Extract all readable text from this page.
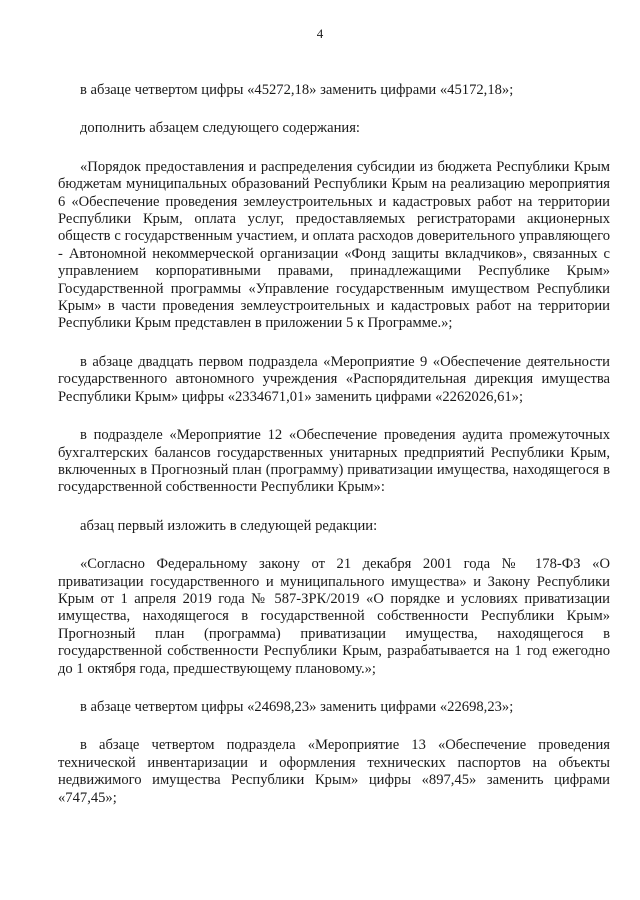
4

в абзаце четвертом цифры «45272,18» заменить цифрами «45172,18»;

дополнить абзацем следующего содержания:

«Порядок предоставления и распределения субсидии из бюджета Республики Крым бюджетам муниципальных образований Республики Крым на реализацию мероприятия 6 «Обеспечение проведения землеустроительных и кадастровых работ на территории Республики Крым, оплата услуг, предоставляемых регистраторами акционерных обществ с государственным участием, и оплата расходов доверительного управляющего - Автономной некоммерческой организации «Фонд защиты вкладчиков», связанных с управлением корпоративными правами, принадлежащими Республике Крым» Государственной программы «Управление государственным имуществом Республики Крым» в части проведения землеустроительных и кадастровых работ на территории Республики Крым представлен в приложении 5 к Программе.»;

в абзаце двадцать первом подраздела «Мероприятие 9 «Обеспечение деятельности государственного автономного учреждения «Распорядительная дирекция имущества Республики Крым» цифры «2334671,01» заменить цифрами «2262026,61»;

в подразделе «Мероприятие 12 «Обеспечение проведения аудита промежуточных бухгалтерских балансов государственных унитарных предприятий Республики Крым, включенных в Прогнозный план (программу) приватизации имущества, находящегося в государственной собственности Республики Крым»:

абзац первый изложить в следующей редакции:

«Согласно Федеральному закону от 21 декабря 2001 года № 178-ФЗ «О приватизации государственного и муниципального имущества» и Закону Республики Крым от 1 апреля 2019 года № 587-ЗРК/2019 «О порядке и условиях приватизации имущества, находящегося в государственной собственности Республики Крым» Прогнозный план (программа) приватизации имущества, находящегося в государственной собственности Республики Крым, разрабатывается на 1 год ежегодно до 1 октября года, предшествующему плановому.»;

в абзаце четвертом цифры «24698,23» заменить цифрами «22698,23»;

в абзаце четвертом подраздела «Мероприятие 13 «Обеспечение проведения технической инвентаризации и оформления технических паспортов на объекты недвижимого имущества Республики Крым» цифры «897,45» заменить цифрами «747,45»;
